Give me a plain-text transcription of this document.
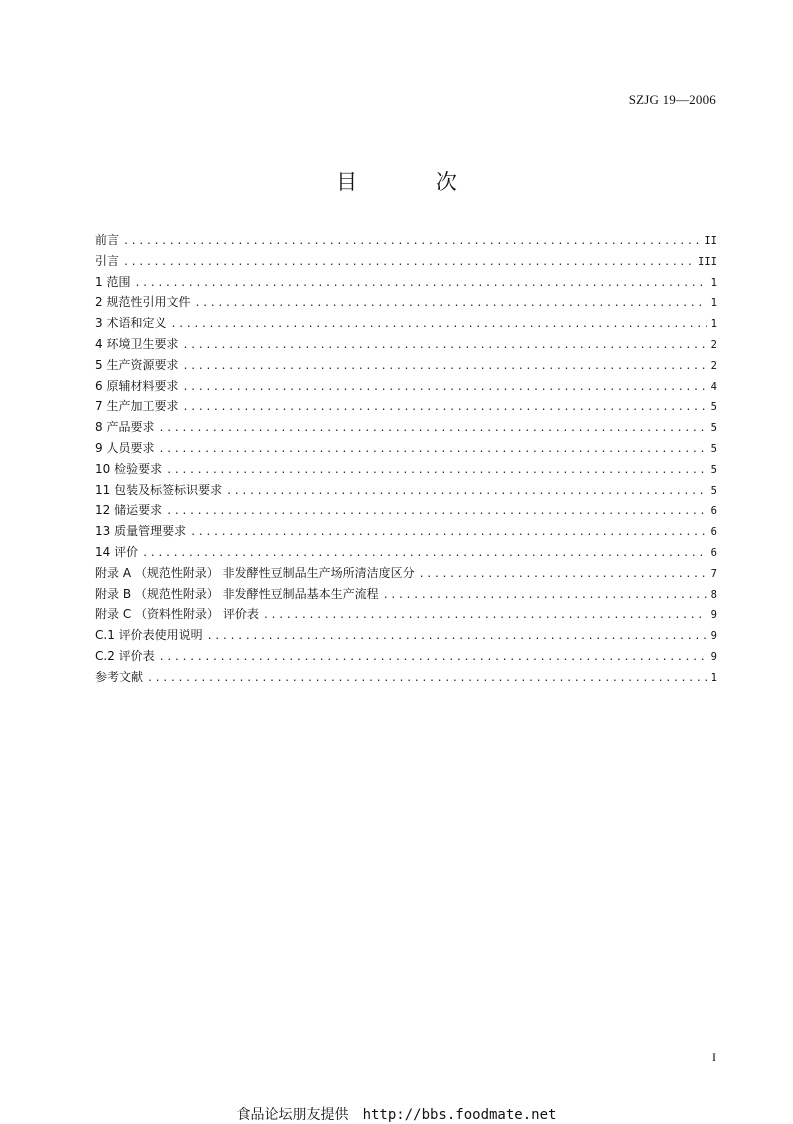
SZJG 19—2006
目 次
前言 .....	II
引言 .....	III
1 范围 .....	1
2 规范性引用文件 .....	1
3 术语和定义 .....	1
4 环境卫生要求 .....	2
5 生产资源要求 .....	2
6 原辅材料要求 .....	4
7 生产加工要求 .....	5
8 产品要求 .....	5
9 人员要求 .....	5
10 检验要求 .....	5
11 包装及标签标识要求 .....	5
12 储运要求 .....	6
13 质量管理要求 .....	6
14 评价 .....	6
附录 A （规范性附录） 非发酵性豆制品生产场所清洁度区分 .....	7
附录 B （规范性附录） 非发酵性豆制品基本生产流程 .....	8
附录 C （资料性附录） 评价表 .....	9
C.1 评价表使用说明 .....	9
C.2 评价表 .....	9
参考文献 .....	1
I
食品论坛朋友提供 http://bbs.foodmate.net
